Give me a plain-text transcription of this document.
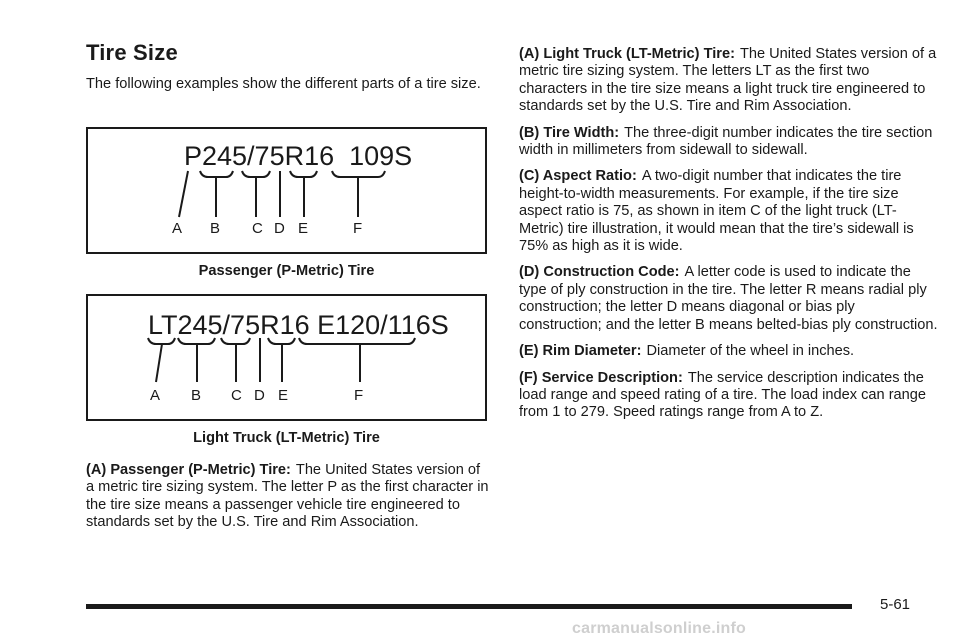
Tire Size

The following examples show the different parts of a tire size.

P245/75R16  109S
A B C D E	F
Passenger (P-Metric) Tire
LT245/75R16 E120/116S
A B C D E	F
Light Truck (LT-Metric) Tire

(A) Passenger (P-Metric) Tire: The United States version of a metric tire sizing system. The letter P as the first character in the tire size means a passenger vehicle tire engineered to standards set by the U.S. Tire and Rim Association.

(A) Light Truck (LT-Metric) Tire: The United States version of a metric tire sizing system. The letters LT as the first two characters in the tire size means a light truck tire engineered to standards set by the U.S. Tire and Rim Association.

(B) Tire Width: The three-digit number indicates the tire section width in millimeters from sidewall to sidewall.

(C) Aspect Ratio: A two-digit number that indicates the tire height-to-width measurements. For example, if the tire size aspect ratio is 75, as shown in item C of the light truck (LT-Metric) tire illustration, it would mean that the tire’s sidewall is 75% as high as it is wide.

(D) Construction Code: A letter code is used to indicate the type of ply construction in the tire. The letter R means radial ply construction; the letter D means diagonal or bias ply construction; and the letter B means belted-bias ply construction.

(E) Rim Diameter: Diameter of the wheel in inches.

(F) Service Description: The service description indicates the load range and speed rating of a tire. The load index can range from 1 to 279. Speed ratings range from A to Z.

5-61
carmanualsonline.info
